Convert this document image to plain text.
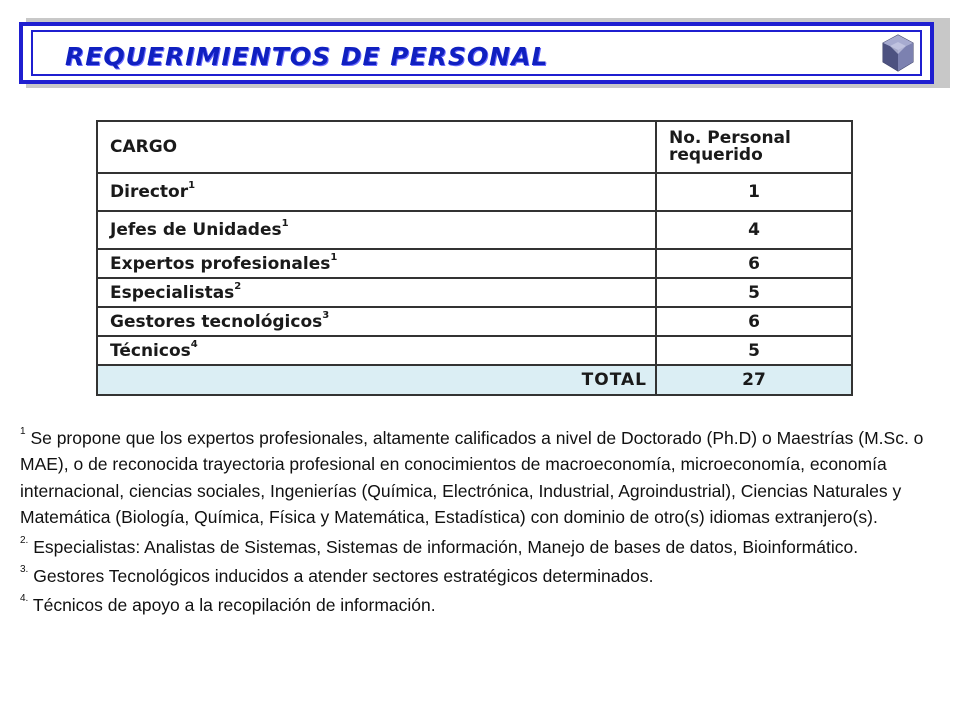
REQUERIMIENTOS DE PERSONAL
CARGO	No. Personal requerido
Director$^1$	1
Jefes de Unidades$^1$	4
Expertos profesionales$^1$	6
Especialistas$^2$	5
Gestores tecnológicos$^3$	6
Técnicos$^4$	5
TOTAL	27

$^1$ Se propone que los expertos profesionales, altamente calificados a nivel de Doctorado (Ph.D) o Maestrías (M.Sc. o MAE), o de reconocida trayectoria profesional en conocimientos de macroeconomía, microeconomía, economía internacional, ciencias sociales, Ingenierías (Química, Electrónica, Industrial, Agroindustrial), Ciencias Naturales y Matemática (Biología, Química, Física y Matemática, Estadística) con dominio de otro(s) idiomas extranjero(s).

$^{2.}$ Especialistas: Analistas de Sistemas, Sistemas de información, Manejo de bases de datos, Bioinformático.

$^{3.}$ Gestores Tecnológicos inducidos a atender sectores estratégicos determinados.

$^{4.}$ Técnicos de apoyo a la recopilación de información.
